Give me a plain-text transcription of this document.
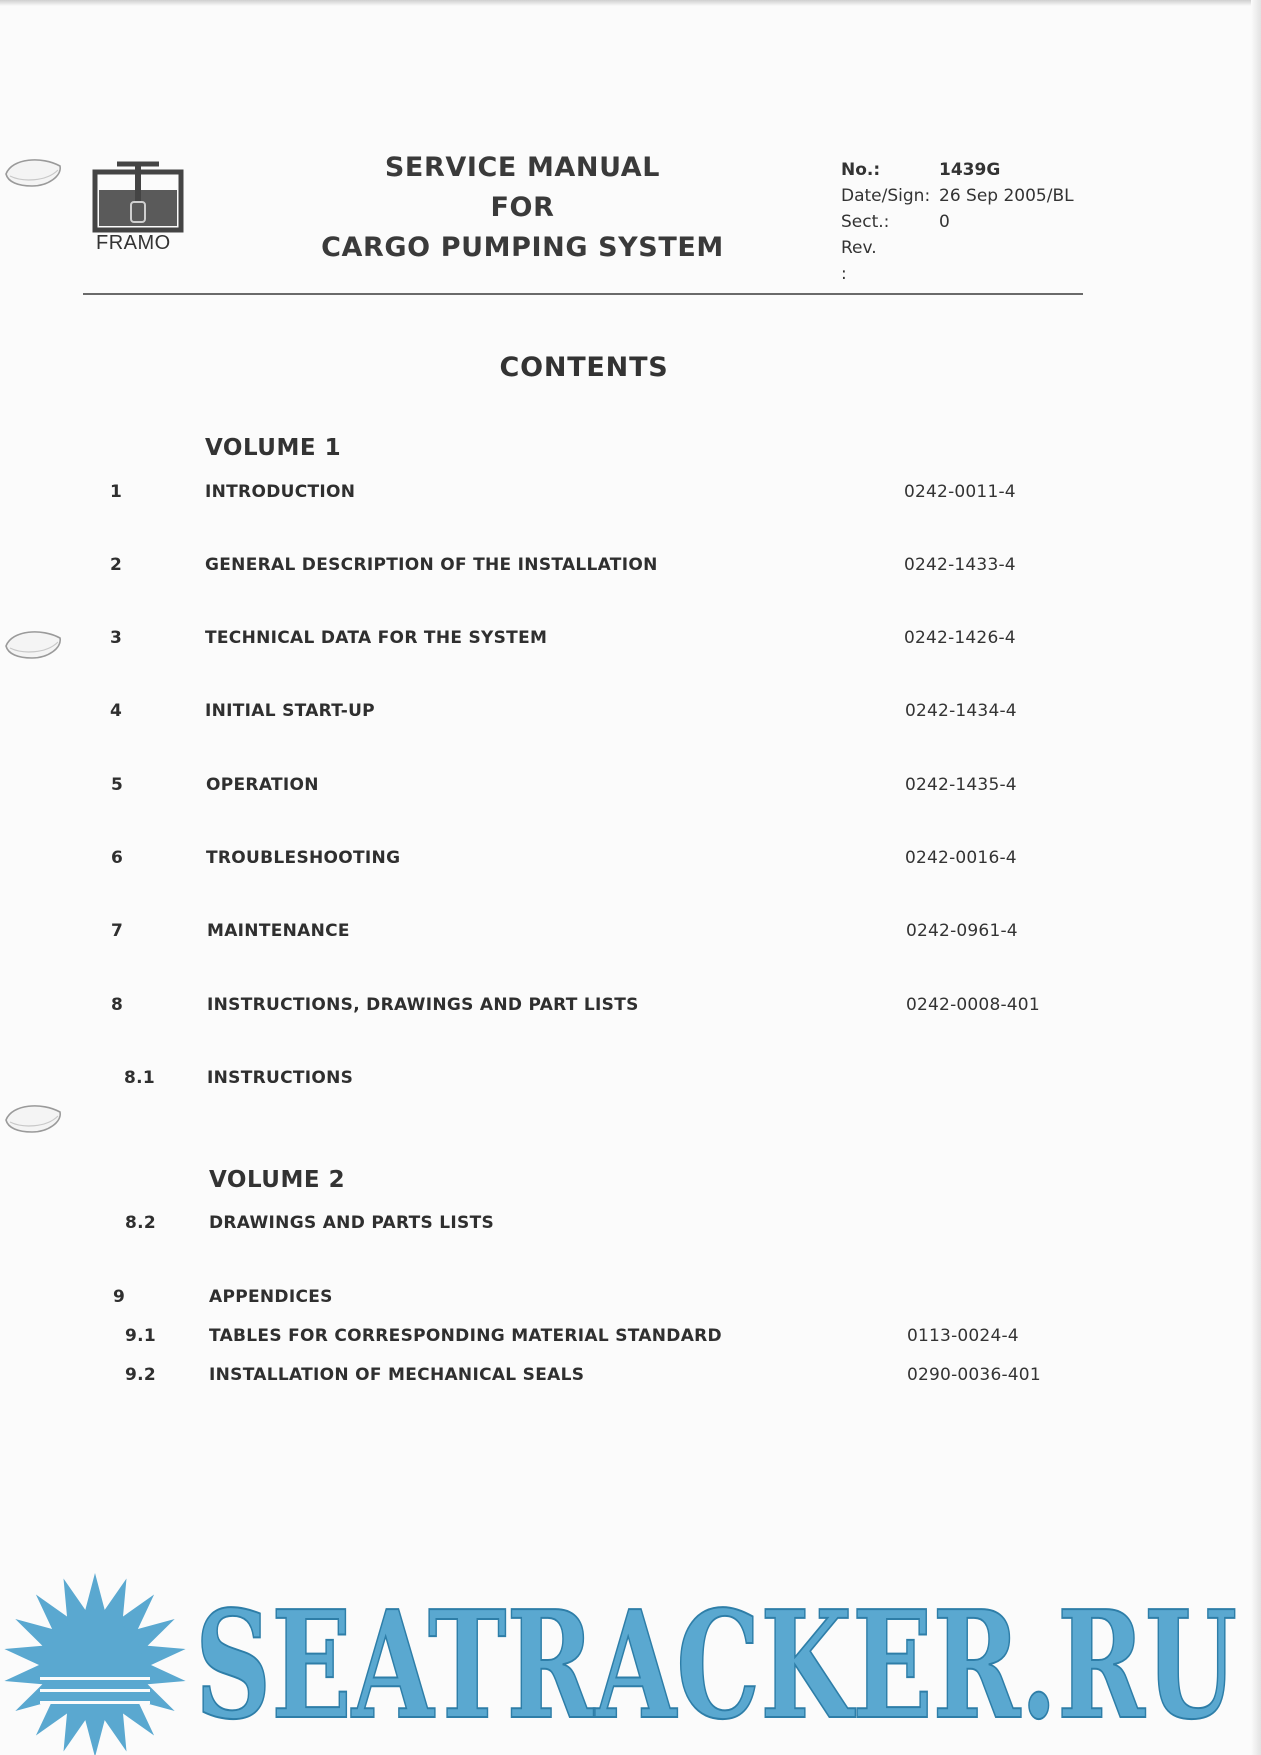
FRAMO
SERVICE MANUAL
FOR
CARGO PUMPING SYSTEM
No.:	1439G
Date/Sign: 26 Sep 2005/BL
Sect.:	0
Rev. :
CONTENTS
VOLUME 1
1	INTRODUCTION	0242-0011-4
2	GENERAL DESCRIPTION OF THE INSTALLATION	0242-1433-4
3	TECHNICAL DATA FOR THE SYSTEM	0242-1426-4
4	INITIAL START-UP	0242-1434-4
5	OPERATION	0242-1435-4
6	TROUBLESHOOTING	0242-0016-4
7	MAINTENANCE	0242-0961-4
8	INSTRUCTIONS, DRAWINGS AND PART LISTS	0242-0008-401
8.1	INSTRUCTIONS
VOLUME 2
8.2	DRAWINGS AND PARTS LISTS
9	APPENDICES
9.1	TABLES FOR CORRESPONDING MATERIAL STANDARD	0113-0024-4
9.2	INSTALLATION OF MECHANICAL SEALS	0290-0036-401
SEATRACKER.RU
